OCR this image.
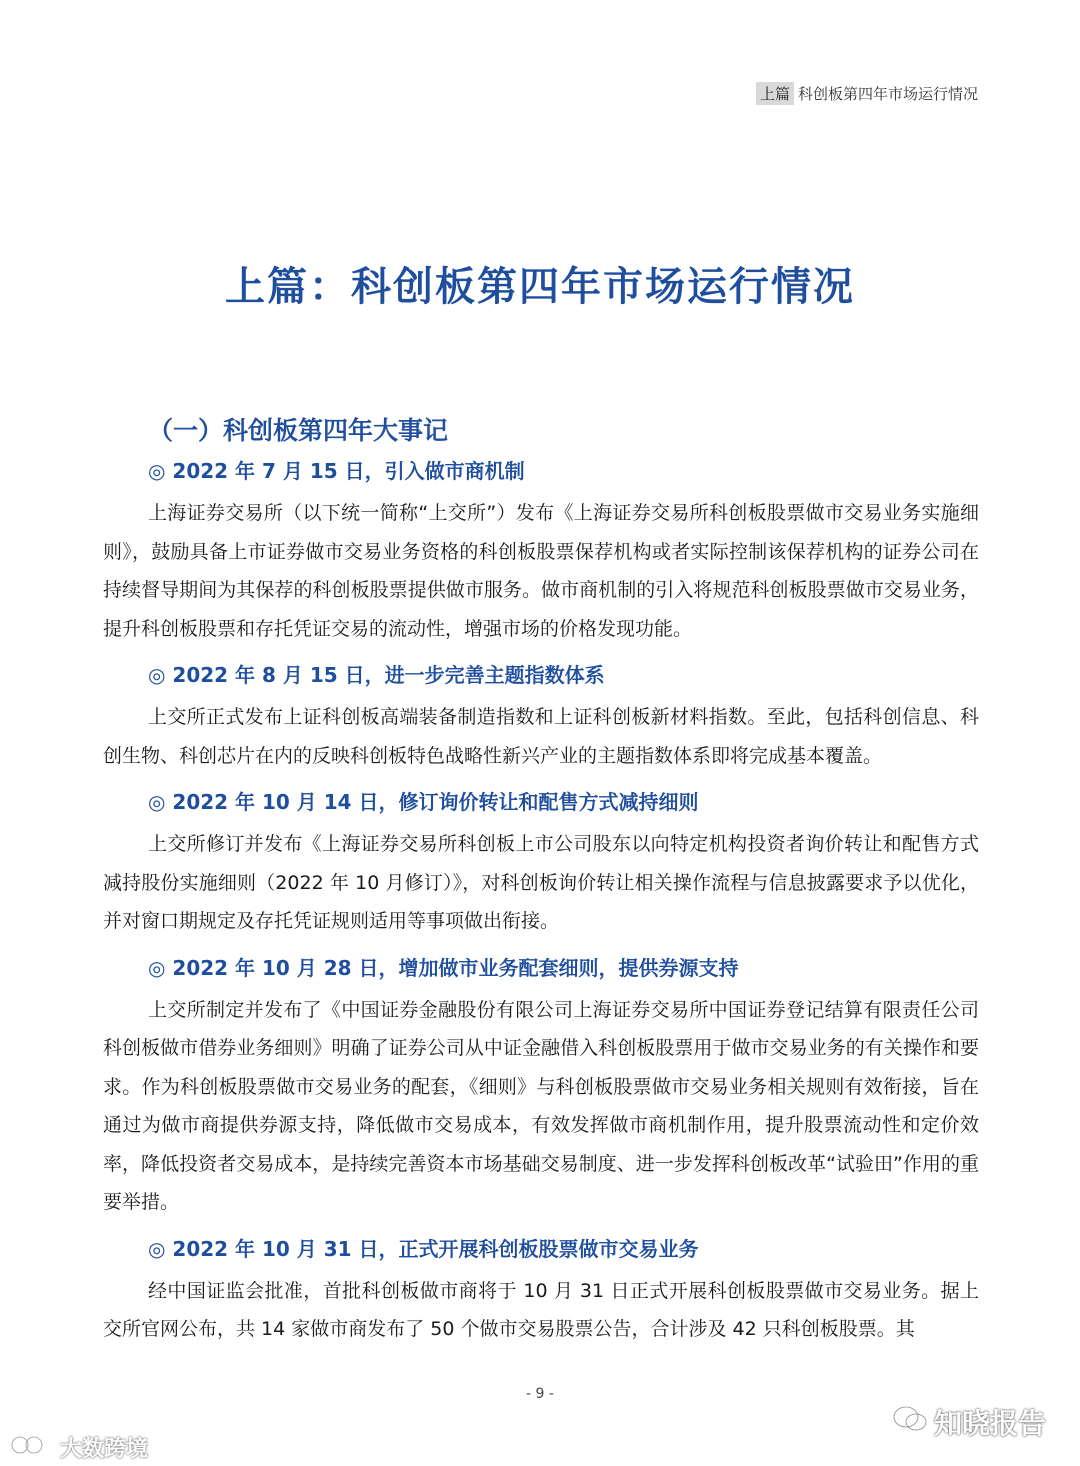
上篇 科创板第四年市场运行情况
上篇：科创板第四年市场运行情况
（一）科创板第四年大事记
◎ 2022 年 7 月 15 日，引入做市商机制
上海证券交易所（以下统一简称“上交所”）发布《上海证券交易所科创板股票做市交易业务实施细则》，鼓励具备上市证券做市交易业务资格的科创板股票保荐机构或者实际控制该保荐机构的证券公司在持续督导期间为其保荐的科创板股票提供做市服务。做市商机制的引入将规范科创板股票做市交易业务，提升科创板股票和存托凭证交易的流动性，增强市场的价格发现功能。
◎ 2022 年 8 月 15 日，进一步完善主题指数体系
上交所正式发布上证科创板高端装备制造指数和上证科创板新材料指数。至此，包括科创信息、科创生物、科创芯片在内的反映科创板特色战略性新兴产业的主题指数体系即将完成基本覆盖。
◎ 2022 年 10 月 14 日，修订询价转让和配售方式减持细则
上交所修订并发布《上海证券交易所科创板上市公司股东以向特定机构投资者询价转让和配售方式减持股份实施细则（2022 年 10 月修订）》，对科创板询价转让相关操作流程与信息披露要求予以优化，并对窗口期规定及存托凭证规则适用等事项做出衔接。
◎ 2022 年 10 月 28 日，增加做市业务配套细则，提供券源支持
上交所制定并发布了《中国证券金融股份有限公司上海证券交易所中国证券登记结算有限责任公司科创板做市借券业务细则》明确了证券公司从中证金融借入科创板股票用于做市交易业务的有关操作和要求。作为科创板股票做市交易业务的配套，《细则》与科创板股票做市交易业务相关规则有效衔接，旨在通过为做市商提供券源支持，降低做市交易成本，有效发挥做市商机制作用，提升股票流动性和定价效率，降低投资者交易成本，是持续完善资本市场基础交易制度、进一步发挥科创板改革“试验田”作用的重要举措。
◎ 2022 年 10 月 31 日，正式开展科创板股票做市交易业务
经中国证监会批准，首批科创板做市商将于 10 月 31 日正式开展科创板股票做市交易业务。据上交所官网公布，共 14 家做市商发布了 50 个做市交易股票公告，合计涉及 42 只科创板股票。其
- 9 -
大数跨境
知晓报告
